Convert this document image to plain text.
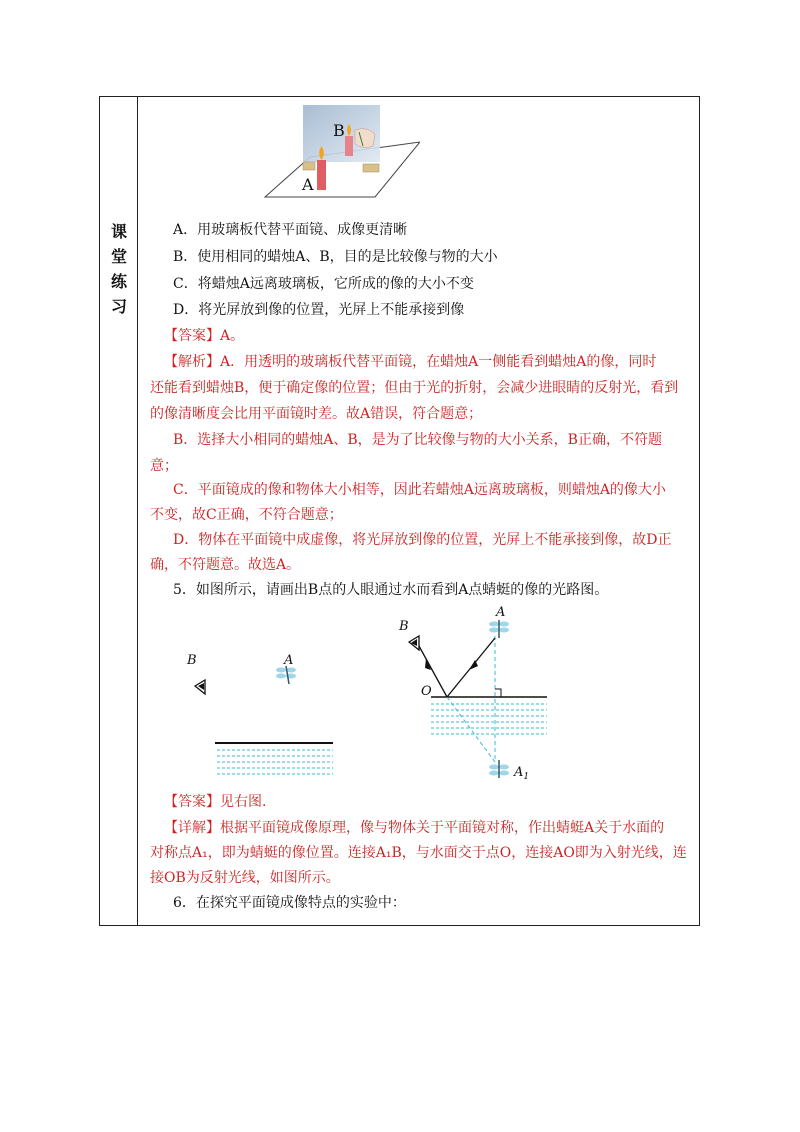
课
堂
练
习
B
A
A．用玻璃板代替平面镜、成像更清晰
B．使用相同的蜡烛A、B，目的是比较像与物的大小
C．将蜡烛A远离玻璃板，它所成的像的大小不变
D．将光屏放到像的位置，光屏上不能承接到像
【答案】A。
【解析】A．用透明的玻璃板代替平面镜，在蜡烛A一侧能看到蜡烛A的像，同时
还能看到蜡烛B，便于确定像的位置；但由于光的折射，会减少进眼睛的反射光，看到
的像清晰度会比用平面镜时差。故A错误，符合题意；
B．选择大小相同的蜡烛A、B，是为了比较像与物的大小关系，B正确，不符题
意；
C．平面镜成的像和物体大小相等，因此若蜡烛A远离玻璃板，则蜡烛A的像大小
不变，故C正确，不符合题意；
D．物体在平面镜中成虚像，将光屏放到像的位置，光屏上不能承接到像，故D正
确，不符题意。故选A。
5．如图所示，请画出B点的人眼通过水而看到A点蜻蜓的像的光路图。
B	A
B
A
O
$A_1$
【答案】见右图.
【详解】根据平面镜成像原理，像与物体关于平面镜对称，作出蜻蜓A关于水面的
对称点A₁，即为蜻蜓的像位置。连接A₁B，与水面交于点O，连接AO即为入射光线，连
接OB为反射光线，如图所示。
6．在探究平面镜成像特点的实验中：
